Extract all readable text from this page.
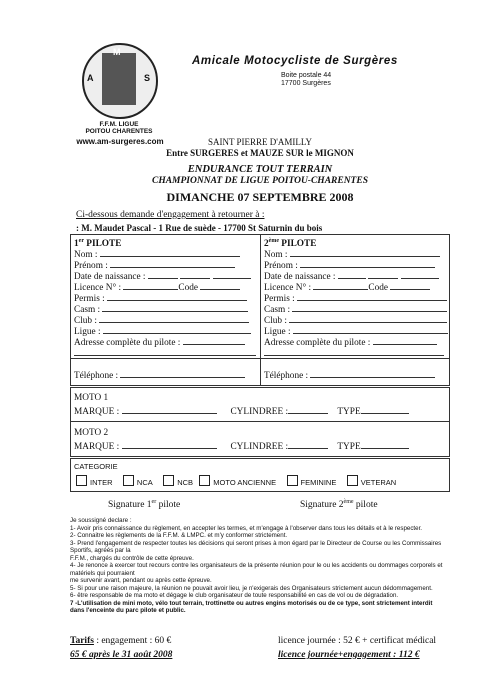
A
M
S
Amicale Motocycliste de Surgères
Boite postale 44
17700 Surgères
F.F.M. LIGUE
POITOU CHARENTES
www.am-surgeres.com	SAINT PIERRE D'AMILLY
Entre SURGERES et MAUZE SUR le MIGNON
ENDURANCE TOUT TERRAIN
CHAMPIONNAT DE LIGUE POITOU-CHARENTES
DIMANCHE 07 SEPTEMBRE 2008
Ci-dessous demande d'engagement à retourner à :
: M. Maudet Pascal - 1 Rue de suède - 17700 St Saturnin du bois
1er PILOTE
Nom :
Prénom :
Date de naissance :
Licence N° :	Code
Permis :
Casm :
Club :
Ligue :
Adresse complète du pilote :
Téléphone :
2ème PILOTE
Nom :
Prénom :
Date de naissance :
Licence N° :	Code
Permis :
Casm :
Club :
Ligue :
Adresse complète du pilote :
Téléphone :
MOTO 1
MARQUE :	CYLINDREE :	TYPE
MOTO 2
MARQUE :	CYLINDREE :	TYPE
CATEGORIE
INTER	NCA	NCB	MOTO ANCIENNE	FEMININE	VETERAN
Signature 1er pilote	Signature 2ème pilote
Je soussigné declare :
1- Avoir pris connaissance du règlement, en accepter les termes, et m'engage à l'observer dans tous les détails et à le respecter.
2- Connaitre les règlements de la F.F.M. & LMPC. et m'y conformer strictement.
3- Prend l'engagement de respecter toutes les décisions qui seront prises à mon égard par le Directeur de Course ou les Commissaires Sportifs, agréés par la
F.F.M., chargés du contrôle de cette épreuve.
4- Je renonce à exercer tout recours contre les organisateurs de la présente réunion pour le ou les accidents ou dommages corporels et matériels qui pourraient
me survenir avant, pendant ou après cette épreuve.
5- Si pour une raison majeure, la réunion ne pouvait avoir lieu, je n'exigerais des Organisateurs strictement aucun dédommagement.
6- être responsable de ma moto et dégage le club organisateur de toute responsabilité en cas de vol ou de dégradation.
7 -L'utilisation de mini moto, vélo tout terrain, trottinette ou autres engins motorisés ou de ce type, sont strictement interdit dans l'enceinte du parc pilote et public.
Tarifs : engagement : 60 €
65 € après le 31 août 2008
licence journée : 52 € + certificat médical
licence journée+engagement : 112 €
